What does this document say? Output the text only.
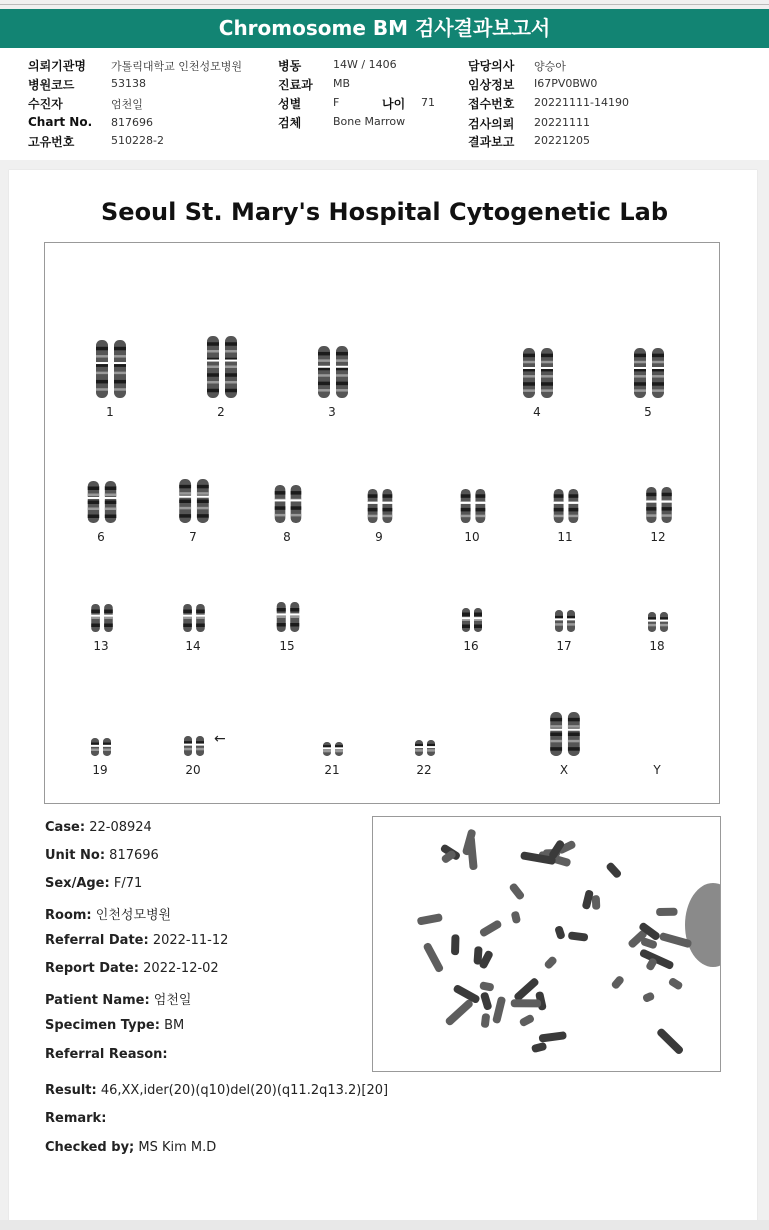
Chromosome BM 검사결과보고서
의뢰기관명 가톨릭대학교 인천성모병원
병원코드	53138
수진자	엄천일
Chart No. 817696
고유번호	510228-2
병동	14W / 1406
진료과 MB
성별	F	나이 71
검체	Bone Marrow
담당의사 양승아
임상정보 I67PV0BW0
접수번호 20221111-14190
검사의뢰 20221111
결과보고 20221205
Seoul St. Mary's Hospital Cytogenetic Lab
1	2	3	4	5
6	7	8	9	10	11	12
13	14	15	16	17	18
19	20	21	22	X	Y
←
Case: 22-08924
Unit No: 817696
Sex/Age: F/71
Room: 인천성모병원
Referral Date: 2022-11-12
Report Date: 2022-12-02
Patient Name: 엄천일
Specimen Type: BM
Referral Reason:
Result: 46,XX,ider(20)(q10)del(20)(q11.2q13.2)[20]
Remark:
Checked by; MS Kim M.D
